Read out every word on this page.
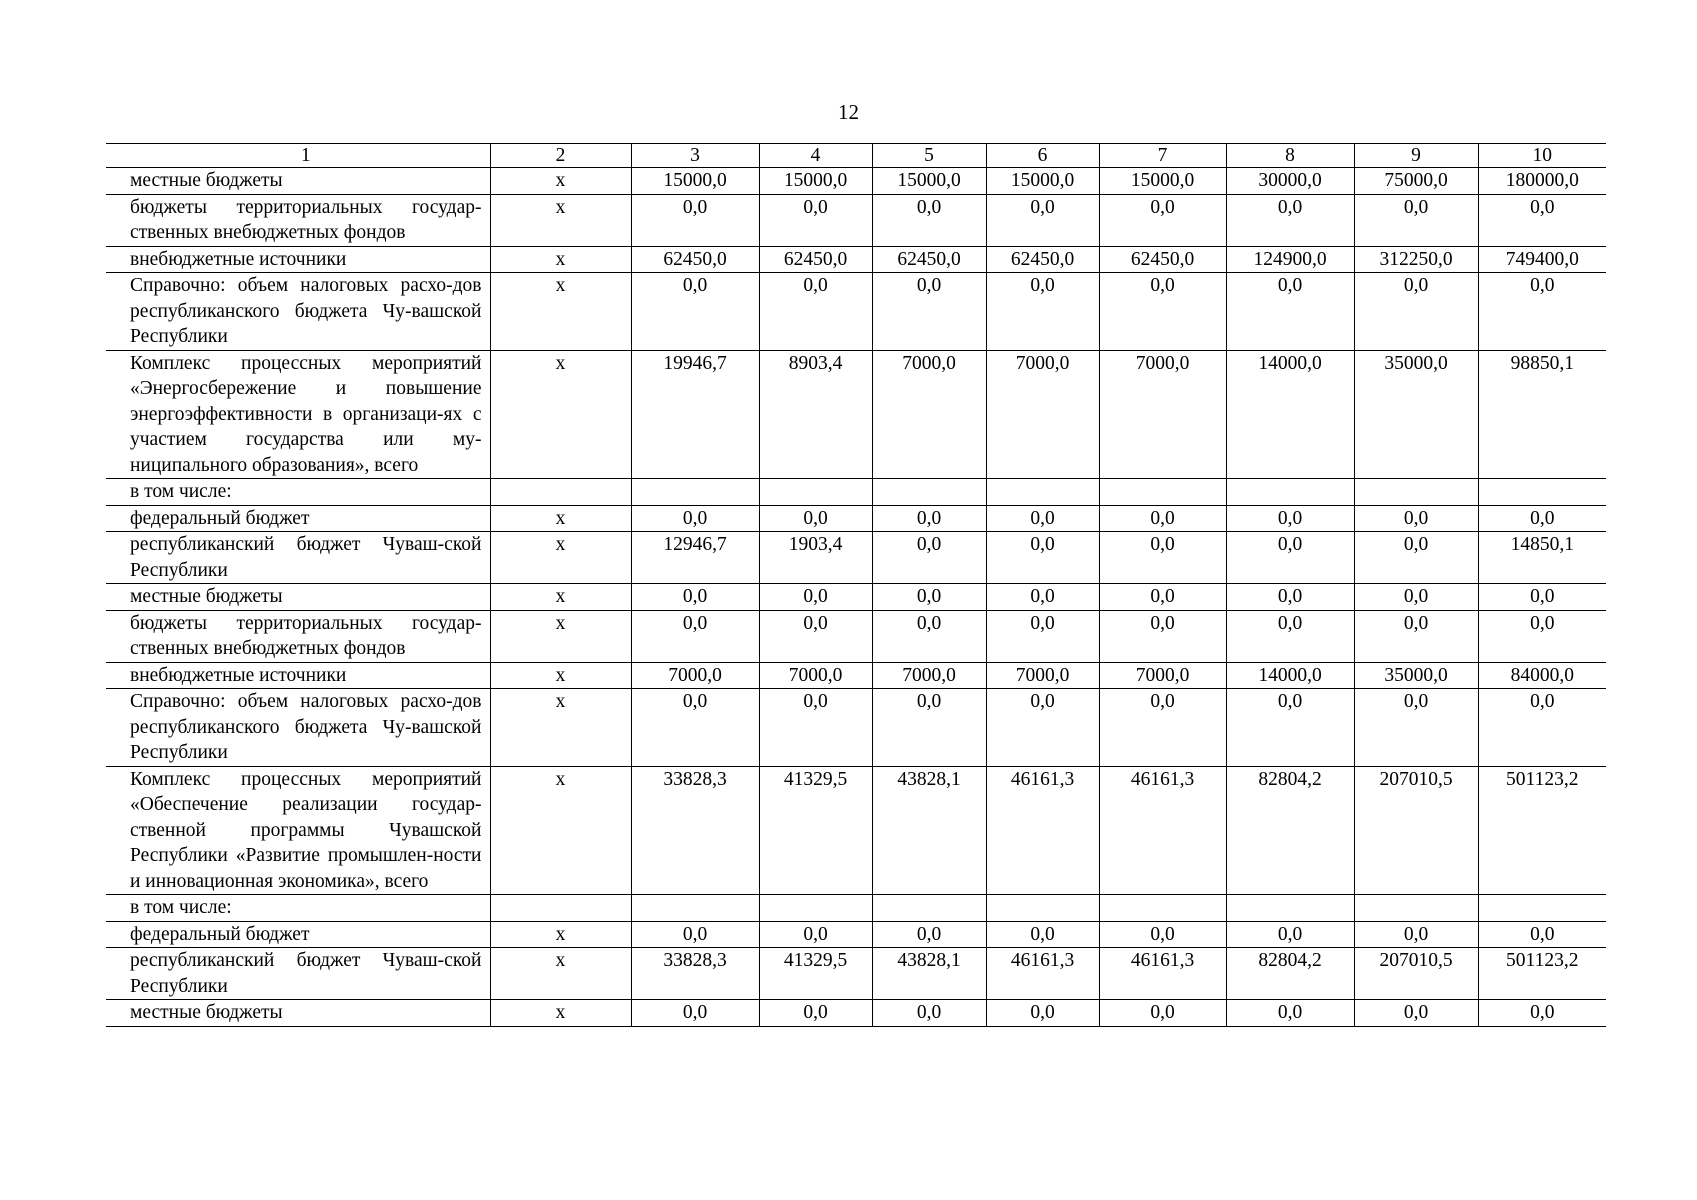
12
1	2	3	4	5	6	7	8	9	10
местные бюджеты	х	15000,0	15000,0	15000,0	15000,0	15000,0	30000,0	75000,0	180000,0
бюджеты территориальных государ-ственных внебюджетных фондов	х	0,0	0,0	0,0	0,0	0,0	0,0	0,0	0,0
внебюджетные источники	х	62450,0	62450,0	62450,0	62450,0	62450,0	124900,0	312250,0	749400,0
Справочно: объем налоговых расхо-дов республиканского бюджета Чу-вашской Республики	х	0,0	0,0	0,0	0,0	0,0	0,0	0,0	0,0
Комплекс процессных мероприятий «Энергосбережение и повышение энергоэффективности в организаци-ях с участием государства или му-ниципального образования», всего	х	19946,7	8903,4	7000,0	7000,0	7000,0	14000,0	35000,0	98850,1
в том числе:									
федеральный бюджет	х	0,0	0,0	0,0	0,0	0,0	0,0	0,0	0,0
республиканский бюджет Чуваш-ской Республики	х	12946,7	1903,4	0,0	0,0	0,0	0,0	0,0	14850,1
местные бюджеты	х	0,0	0,0	0,0	0,0	0,0	0,0	0,0	0,0
бюджеты территориальных государ-ственных внебюджетных фондов	х	0,0	0,0	0,0	0,0	0,0	0,0	0,0	0,0
внебюджетные источники	х	7000,0	7000,0	7000,0	7000,0	7000,0	14000,0	35000,0	84000,0
Справочно: объем налоговых расхо-дов республиканского бюджета Чу-вашской Республики	х	0,0	0,0	0,0	0,0	0,0	0,0	0,0	0,0
Комплекс процессных мероприятий «Обеспечение реализации государ-ственной программы Чувашской Республики «Развитие промышлен-ности и инновационная экономика», всего	х	33828,3	41329,5	43828,1	46161,3	46161,3	82804,2	207010,5	501123,2
в том числе:									
федеральный бюджет	х	0,0	0,0	0,0	0,0	0,0	0,0	0,0	0,0
республиканский бюджет Чуваш-ской Республики	х	33828,3	41329,5	43828,1	46161,3	46161,3	82804,2	207010,5	501123,2
местные бюджеты	х	0,0	0,0	0,0	0,0	0,0	0,0	0,0	0,0
